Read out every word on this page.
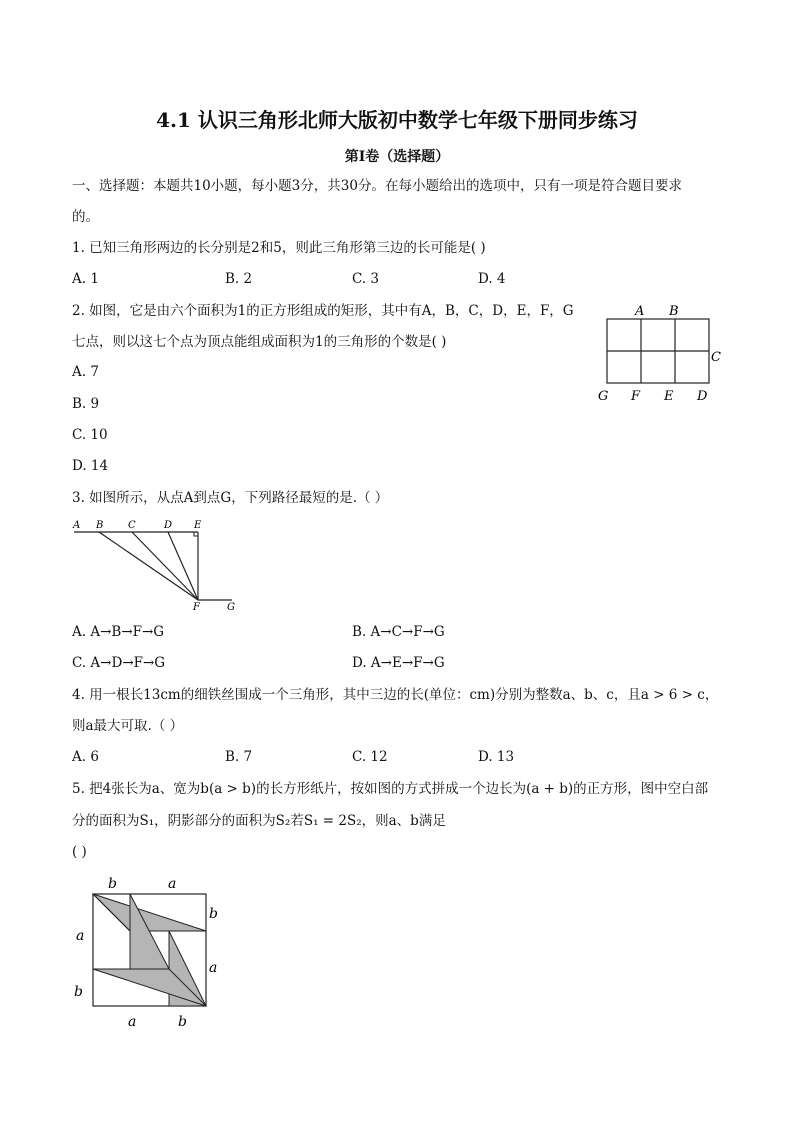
4.1 认识三角形北师大版初中数学七年级下册同步练习
第I卷（选择题）
一、选择题：本题共10小题，每小题3分，共30分。在每小题给出的选项中，只有一项是符合题目要求
的。
1. 已知三角形两边的长分别是2和5，则此三角形第三边的长可能是( )
A. 1	B. 2	C. 3	D. 4
2. 如图，它是由六个面积为1的正方形组成的矩形，其中有A，B，C，D，E，F，G
七点，则以这七个点为顶点能组成面积为1的三角形的个数是( )
A. 7
B. 9
C. 10
D. 14
A B
C
D
E
F
G
3. 如图所示，从点A到点G，下列路径最短的是.（ ）
A B C	D E
F	G
A. A→B→F→G	B. A→C→F→G
C. A→D→F→G	D. A→E→F→G
4. 用一根长13cm的细铁丝围成一个三角形，其中三边的长(单位：cm)分别为整数a、b、c，且a > 6 > c，
则a最大可取.（ ）
A. 6	B. 7	C. 12	D. 13
5. 把4张长为a、宽为b(a > b)的长方形纸片，按如图的方式拼成一个边长为(a + b)的正方形，图中空白部
分的面积为S₁，阴影部分的面积为S₂若S₁ = 2S₂，则a、b满足
( )
b	a
b
a
a
b
a	b
